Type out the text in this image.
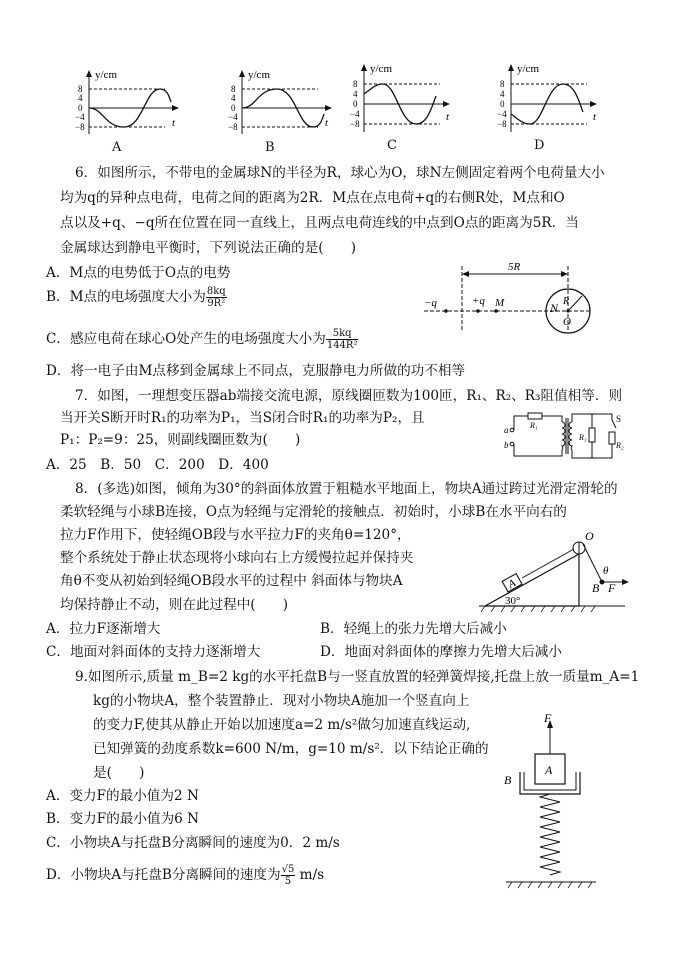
y/cm
t
8
4
0
−4
−8
A
y/cm
t
8
4
0
−4
−8
B
y/cm
t
8
4
0
−4
−8
C
y/cm
t
8
4
0
−4
−8
D
6．如图所示，不带电的金属球N的半径为R，球心为O，球N左侧固定着两个电荷量大小
均为q的异种点电荷，电荷之间的距离为2R．M点在点电荷+q的右侧R处，M点和O
点以及+q、−q所在位置在同一直线上，且两点电荷连线的中点到O点的距离为5R．当
金属球达到静电平衡时，下列说法正确的是(　　)
A．M点的电势低于O点的电势
B．M点的电场强度大小为 $\frac{8kq}{\text{9R²}}$
C．感应电荷在球心O处产生的电场强度大小为 $\frac{5kq}{\text{144R²}}$
D．将一电子由M点移到金属球上不同点，克服静电力所做的功不相等
5R
−q	+q M	N R
O
7．如图，一理想变压器ab端接交流电源，原线圈匝数为100匝，R₁、R₂、R₃阻值相等．则
当开关S断开时R₁的功率为P₁，当S闭合时R₁的功率为P₂，且
P₁：P₂=9：25，则副线圈匝数为(　　)
A．25　B．50　C．200　D．400
a
b
R₁
R₃
S
R₂
8．(多选)如图，倾角为30°的斜面体放置于粗糙水平地面上，物块A通过跨过光滑定滑轮的
柔软轻绳与小球B连接，O点为轻绳与定滑轮的接触点．初始时，小球B在水平向右的
拉力F作用下，使轻绳OB段与水平拉力F的夹角θ=120°，
整个系统处于静止状态现将小球向右上方缓慢拉起并保持夹
角θ不变从初始到轻绳OB段水平的过程中 斜面体与物块A
均保持静止不动，则在此过程中(　　)
A．拉力F逐渐增大	B．轻绳上的张力先增大后减小
C．地面对斜面体的支持力逐渐增大	D．地面对斜面体的摩擦力先增大后减小
A
O
θ
B F
30°
9.如图所示,质量 m_B=2 kg的水平托盘B与一竖直放置的轻弹簧焊接,托盘上放一质量m_A=1
kg的小物块A，整个装置静止．现对小物块A施加一个竖直向上
的变力F,使其从静止开始以加速度a=2 m/s²做匀加速直线运动,
已知弹簧的劲度系数k=600 N/m，g=10 m/s²．以下结论正确的
是(　　)
A．变力F的最小值为2 N
B．变力F的最小值为6 N
C．小物块A与托盘B分离瞬间的速度为0．2 m/s
D．小物块A与托盘B分离瞬间的速度为 $\frac{√5}{5} m/s$
F
A
B
